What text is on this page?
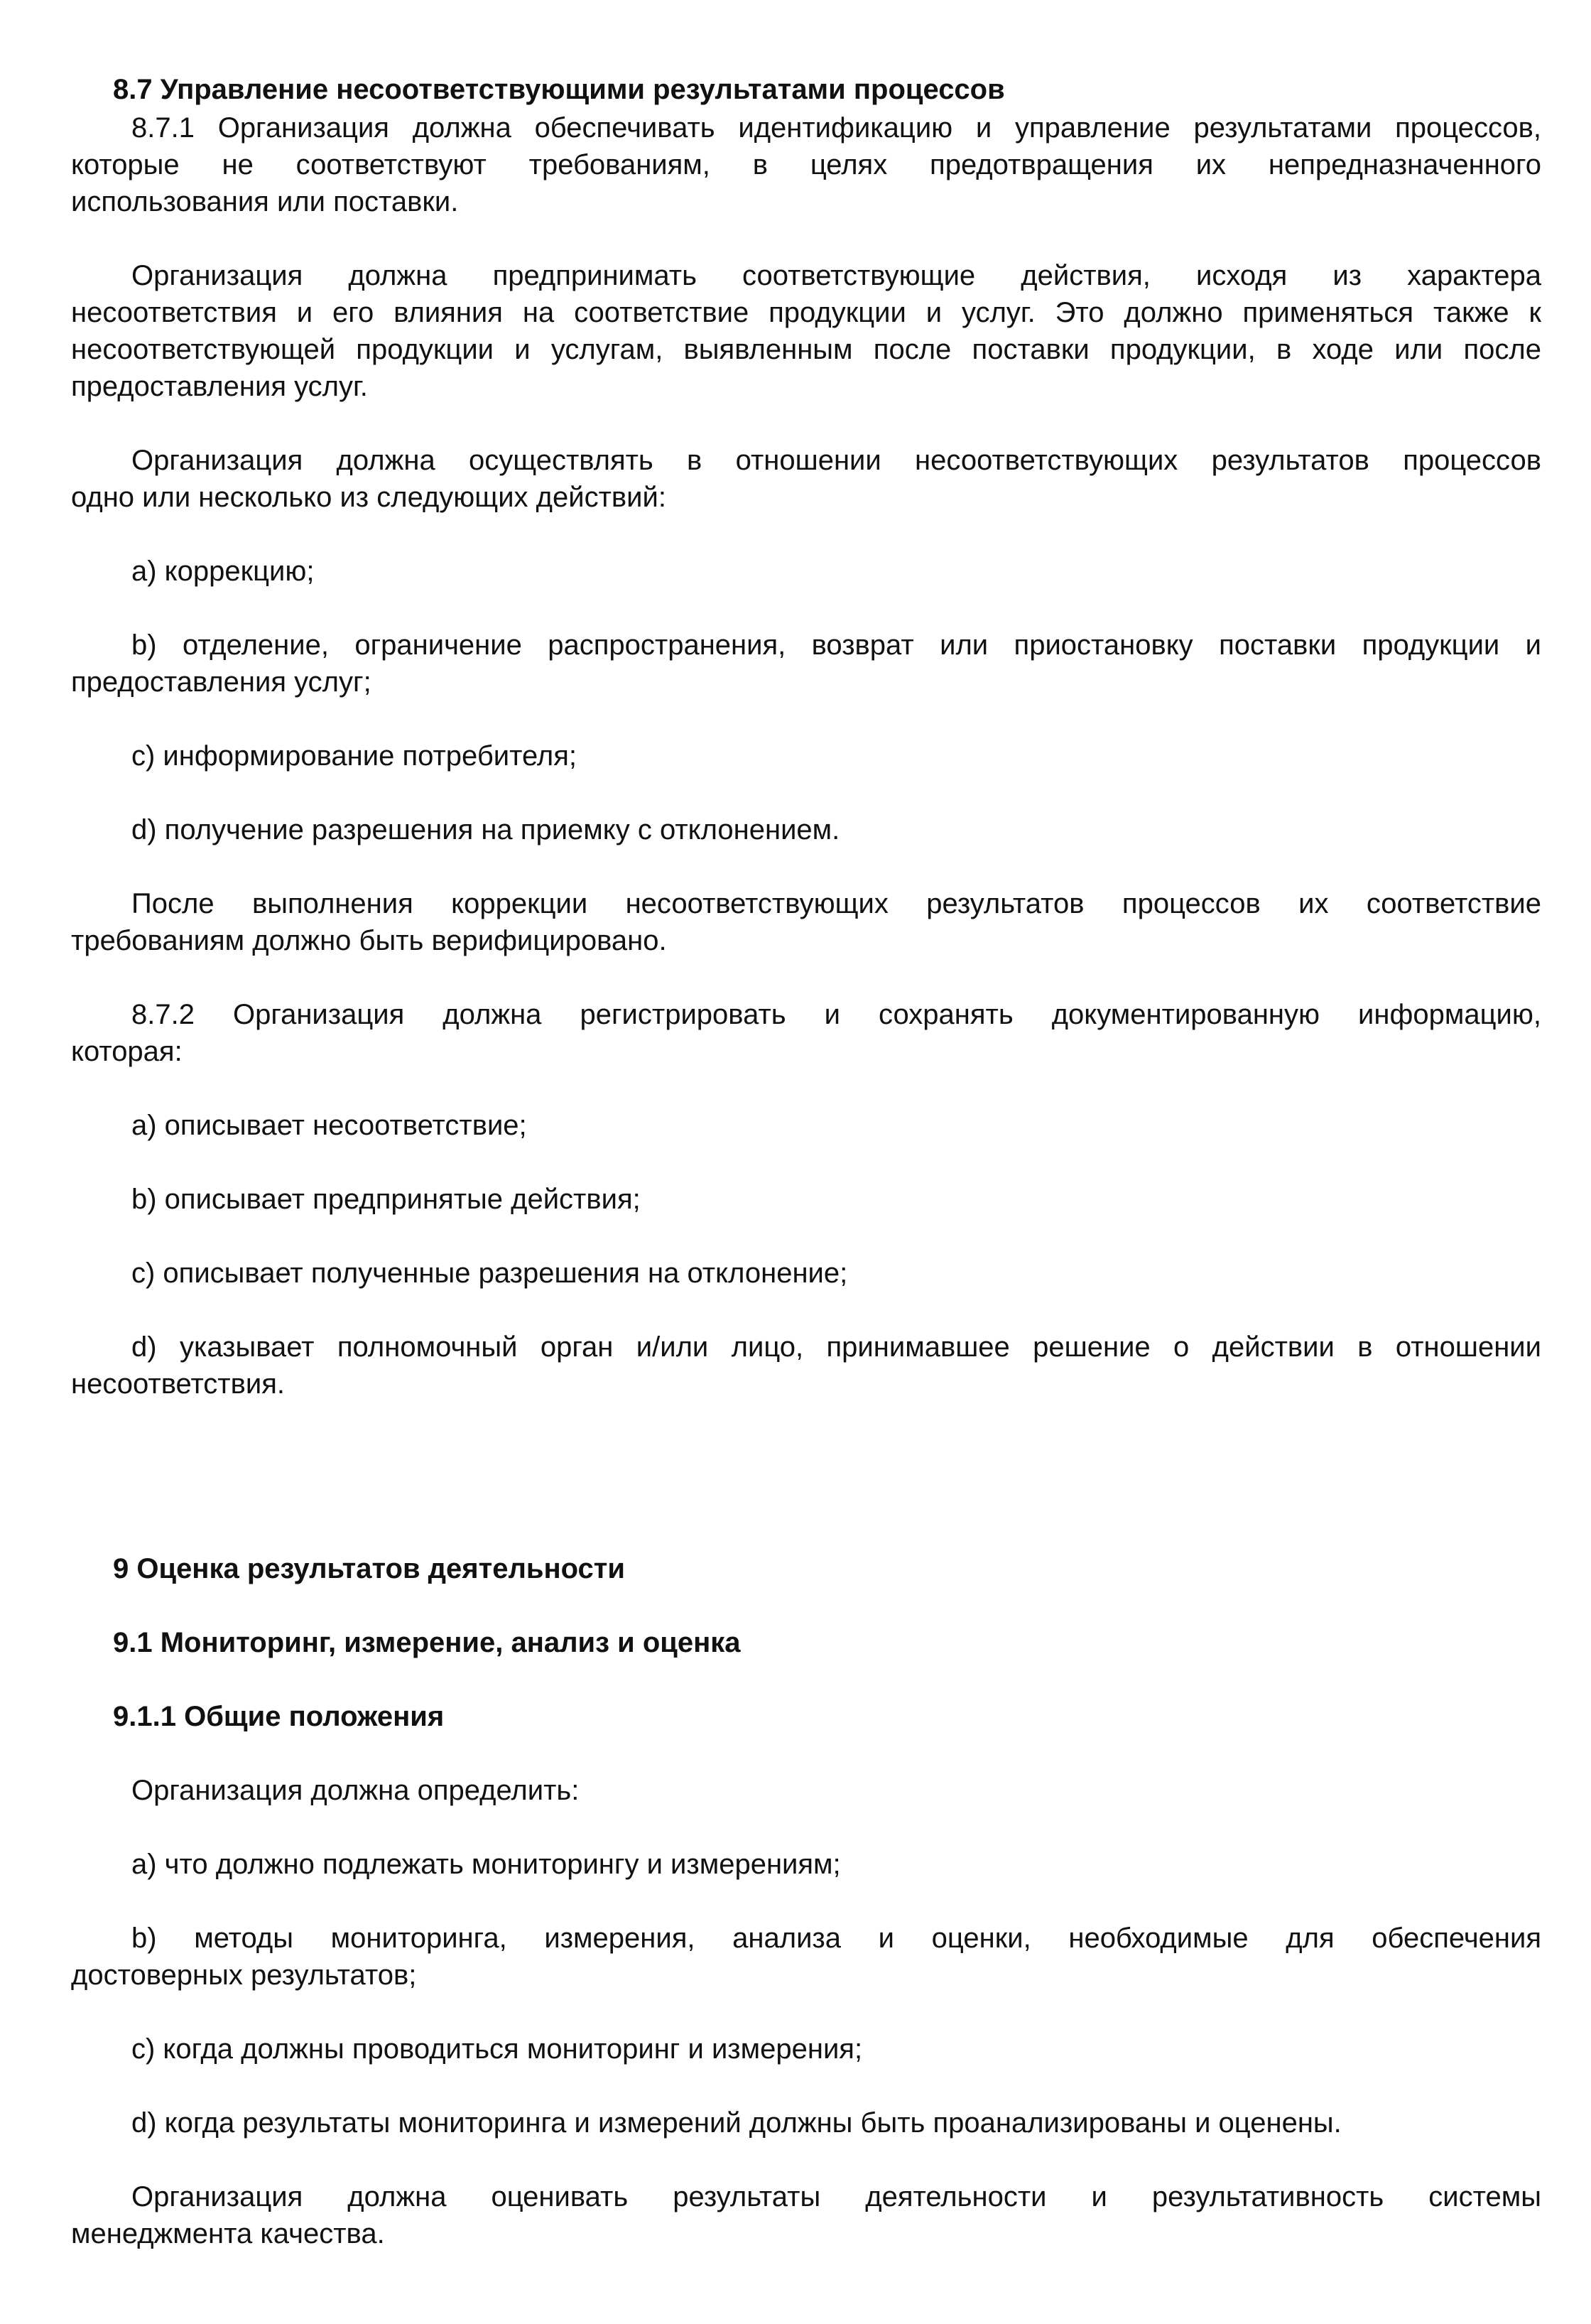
8.7 Управление несоответствующими результатами процессов
8.7.1 Организация должна обеспечивать идентификацию и управление результатами процессов,
которые не соответствуют требованиям, в целях предотвращения их непредназначенного
использования или поставки.
Организация должна предпринимать соответствующие действия, исходя из характера
несоответствия и его влияния на соответствие продукции и услуг. Это должно применяться также к
несоответствующей продукции и услугам, выявленным после поставки продукции, в ходе или после
предоставления услуг.
Организация должна осуществлять в отношении несоответствующих результатов процессов
одно или несколько из следующих действий:
a) коррекцию;
b) отделение, ограничение распространения, возврат или приостановку поставки продукции и
предоставления услуг;
c) информирование потребителя;
d) получение разрешения на приемку с отклонением.
После выполнения коррекции несоответствующих результатов процессов их соответствие
требованиям должно быть верифицировано.
8.7.2 Организация должна регистрировать и сохранять документированную информацию,
которая:
a) описывает несоответствие;
b) описывает предпринятые действия;
c) описывает полученные разрешения на отклонение;
d) указывает полномочный орган и/или лицо, принимавшее решение о действии в отношении
несоответствия.
9 Оценка результатов деятельности
9.1 Мониторинг, измерение, анализ и оценка
9.1.1 Общие положения
Организация должна определить:
a) что должно подлежать мониторингу и измерениям;
b) методы мониторинга, измерения, анализа и оценки, необходимые для обеспечения
достоверных результатов;
c) когда должны проводиться мониторинг и измерения;
d) когда результаты мониторинга и измерений должны быть проанализированы и оценены.
Организация должна оценивать результаты деятельности и результативность системы
менеджмента качества.
